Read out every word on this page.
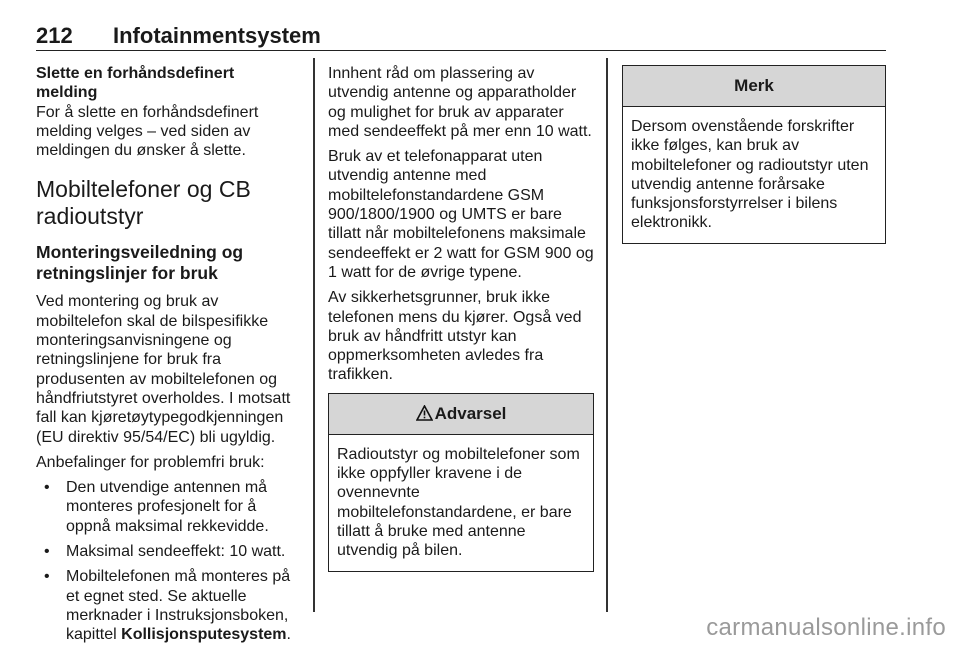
212 Infotainmentsystem

Slette en forhåndsdefinert melding
For å slette en forhåndsdefinert melding velges – ved siden av meldingen du ønsker å slette.

Mobiltelefoner og CB radioutstyr
Monteringsveiledning og retningslinjer for bruk

Ved montering og bruk av mobiltelefon skal de bilspesifikke monteringsanvisningene og retningslinjene for bruk fra produsenten av mobiltelefonen og håndfriutstyret overholdes. I motsatt fall kan kjøretøytypegodkjenningen (EU direktiv 95/54/EC) bli ugyldig.

Anbefalinger for problemfri bruk:

• Den utvendige antennen må monteres profesjonelt for å oppnå maksimal rekkevidde.
• Maksimal sendeeffekt: 10 watt.
• Mobiltelefonen må monteres på et egnet sted. Se aktuelle merknader i Instruksjonsboken, kapittel Kollisjonsputesystem.

Innhent råd om plassering av utvendig antenne og apparatholder og mulighet for bruk av apparater med sendeeffekt på mer enn 10 watt.

Bruk av et telefonapparat uten utvendig antenne med mobiltelefonstandardene GSM 900/1800/1900 og UMTS er bare tillatt når mobiltelefonens maksimale sendeeffekt er 2 watt for GSM 900 og 1 watt for de øvrige typene.

Av sikkerhetsgrunner, bruk ikke telefonen mens du kjører. Også ved bruk av håndfritt utstyr kan oppmerksomheten avledes fra trafikken.

Advarsel
Radioutstyr og mobiltelefoner som ikke oppfyller kravene i de ovennevnte mobiltelefonstandardene, er bare tillatt å bruke med antenne utvendig på bilen.
Merk
Dersom ovenstående forskrifter ikke følges, kan bruk av mobiltelefoner og radioutstyr uten utvendig antenne forårsake funksjonsforstyrrelser i bilens elektronikk.
carmanualsonline.info
